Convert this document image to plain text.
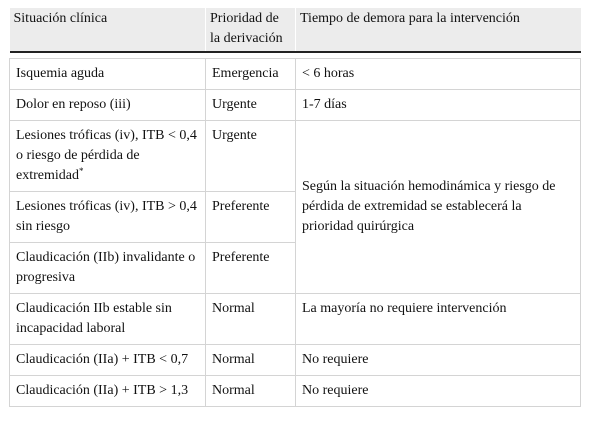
Situación clínica	Prioridad de la derivación	Tiempo de demora para la intervención

Isquemia aguda	Emergencia	< 6 horas
Dolor en reposo (iii)	Urgente	1-7 días
Lesiones tróficas (iv), ITB < 0,4 o riesgo de pérdida de extremidad*	Urgente	Según la situación hemodinámica y riesgo de pérdida de extremidad se establecerá la prioridad quirúrgica
Lesiones tróficas (iv), ITB > 0,4 sin riesgo	Preferente	
Claudicación (IIb) invalidante o progresiva	Preferente	
Claudicación IIb estable sin incapacidad laboral	Normal	La mayoría no requiere intervención
Claudicación (IIa) + ITB < 0,7	Normal	No requiere
Claudicación (IIa) + ITB > 1,3	Normal	No requiere
